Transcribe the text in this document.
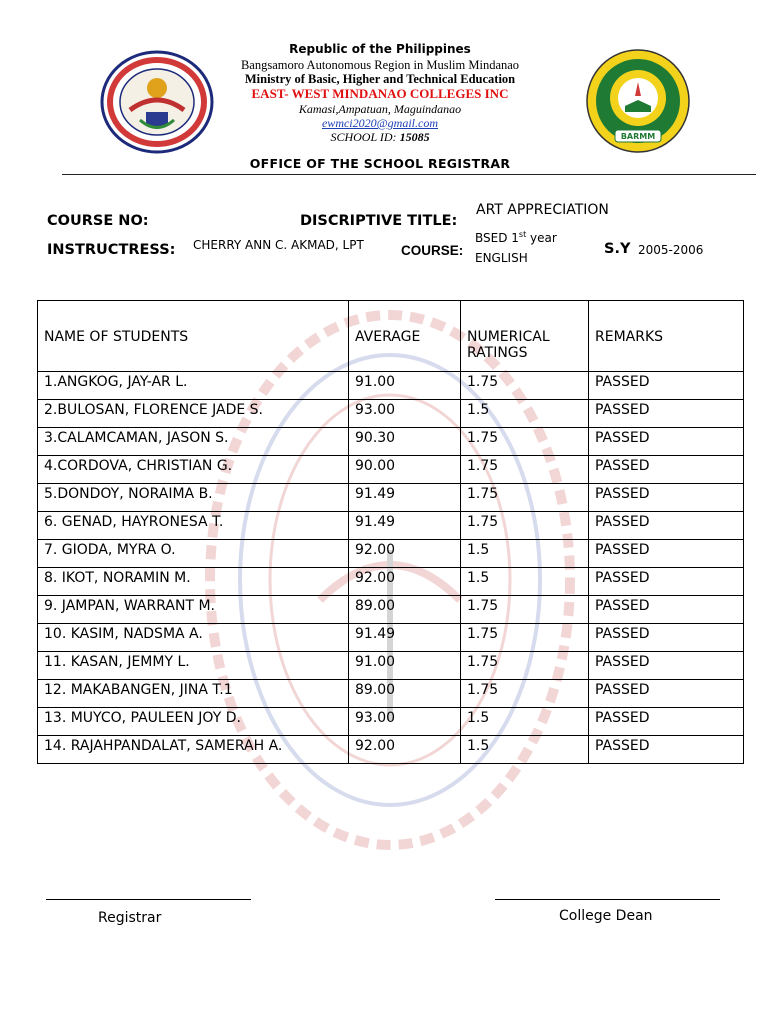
BARMM
Republic of the Philippines
Bangsamoro Autonomous Region in Muslim Mindanao
Ministry of Basic, Higher and Technical Education
EAST- WEST MINDANAO COLLEGES INC
Kamasi,Ampatuan, Maguindanao
ewmci2020@gmail.com
SCHOOL ID: 15085
OFFICE OF THE SCHOOL REGISTRAR
COURSE NO:	DISCRIPTIVE TITLE:
ART APPRECIATION
INSTRUCTRESS: CHERRY ANN C. AKMAD, LPT	COURSE:
BSED 1st year
ENGLISH
S.Y 2005-2006
NAME OF STUDENTS	AVERAGE	NUMERICAL RATINGS	REMARKS
1.ANGKOG, JAY-AR L.	91.00	1.75	PASSED
2.BULOSAN, FLORENCE JADE S.	93.00	1.5	PASSED
3.CALAMCAMAN, JASON S.	90.30	1.75	PASSED
4.CORDOVA, CHRISTIAN G.	90.00	1.75	PASSED
5.DONDOY, NORAIMA B.	91.49	1.75	PASSED
6. GENAD, HAYRONESA T.	91.49	1.75	PASSED
7. GIODA, MYRA O.	92.00	1.5	PASSED
8. IKOT, NORAMIN M.	92.00	1.5	PASSED
9. JAMPAN, WARRANT M.	89.00	1.75	PASSED
10. KASIM, NADSMA A.	91.49	1.75	PASSED
11. KASAN, JEMMY L.	91.00	1.75	PASSED
12. MAKABANGEN, JINA T.1	89.00	1.75	PASSED
13. MUYCO, PAULEEN JOY D.	93.00	1.5	PASSED
14. RAJAHPANDALAT, SAMERAH A.	92.00	1.5	PASSED
Registrar	College Dean
